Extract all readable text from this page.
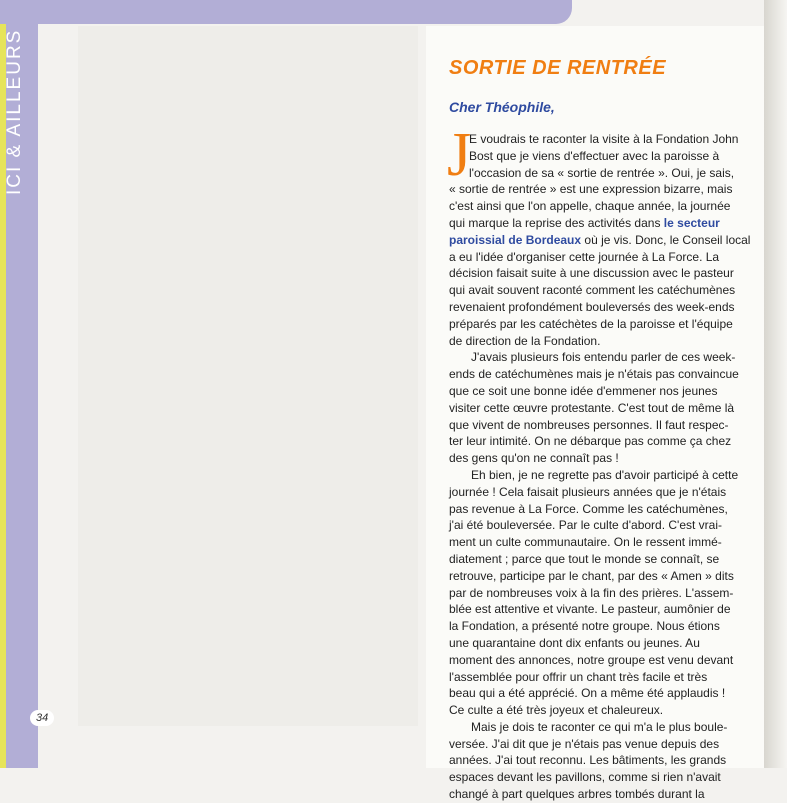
ICI & AILLEURS
34
SORTIE DE RENTRÉE
Cher Théophile,
J
E voudrais te raconter la visite à la Fondation John
Bost que je viens d'effectuer avec la paroisse à
l'occasion de sa « sortie de rentrée ». Oui, je sais,
« sortie de rentrée » est une expression bizarre, mais
c'est ainsi que l'on appelle, chaque année, la journée
qui marque la reprise des activités dans le secteur
paroissial de Bordeaux où je vis. Donc, le Conseil local
a eu l'idée d'organiser cette journée à La Force. La
décision faisait suite à une discussion avec le pasteur
qui avait souvent raconté comment les catéchumènes
revenaient profondément bouleversés des week-ends
préparés par les catéchètes de la paroisse et l'équipe
de direction de la Fondation.
J'avais plusieurs fois entendu parler de ces week-
ends de catéchumènes mais je n'étais pas convaincue
que ce soit une bonne idée d'emmener nos jeunes
visiter cette œuvre protestante. C'est tout de même là
que vivent de nombreuses personnes. Il faut respec-
ter leur intimité. On ne débarque pas comme ça chez
des gens qu'on ne connaît pas !
Eh bien, je ne regrette pas d'avoir participé à cette
journée ! Cela faisait plusieurs années que je n'étais
pas revenue à La Force. Comme les catéchumènes,
j'ai été bouleversée. Par le culte d'abord. C'est vrai-
ment un culte communautaire. On le ressent immé-
diatement ; parce que tout le monde se connaît, se
retrouve, participe par le chant, par des « Amen » dits
par de nombreuses voix à la fin des prières. L'assem-
blée est attentive et vivante. Le pasteur, aumônier de
la Fondation, a présenté notre groupe. Nous étions
une quarantaine dont dix enfants ou jeunes. Au
moment des annonces, notre groupe est venu devant
l'assemblée pour offrir un chant très facile et très
beau qui a été apprécié. On a même été applaudis !
Ce culte a été très joyeux et chaleureux.
Mais je dois te raconter ce qui m'a le plus boule-
versée. J'ai dit que je n'étais pas venue depuis des
années. J'ai tout reconnu. Les bâtiments, les grands
espaces devant les pavillons, comme si rien n'avait
changé à part quelques arbres tombés durant la
